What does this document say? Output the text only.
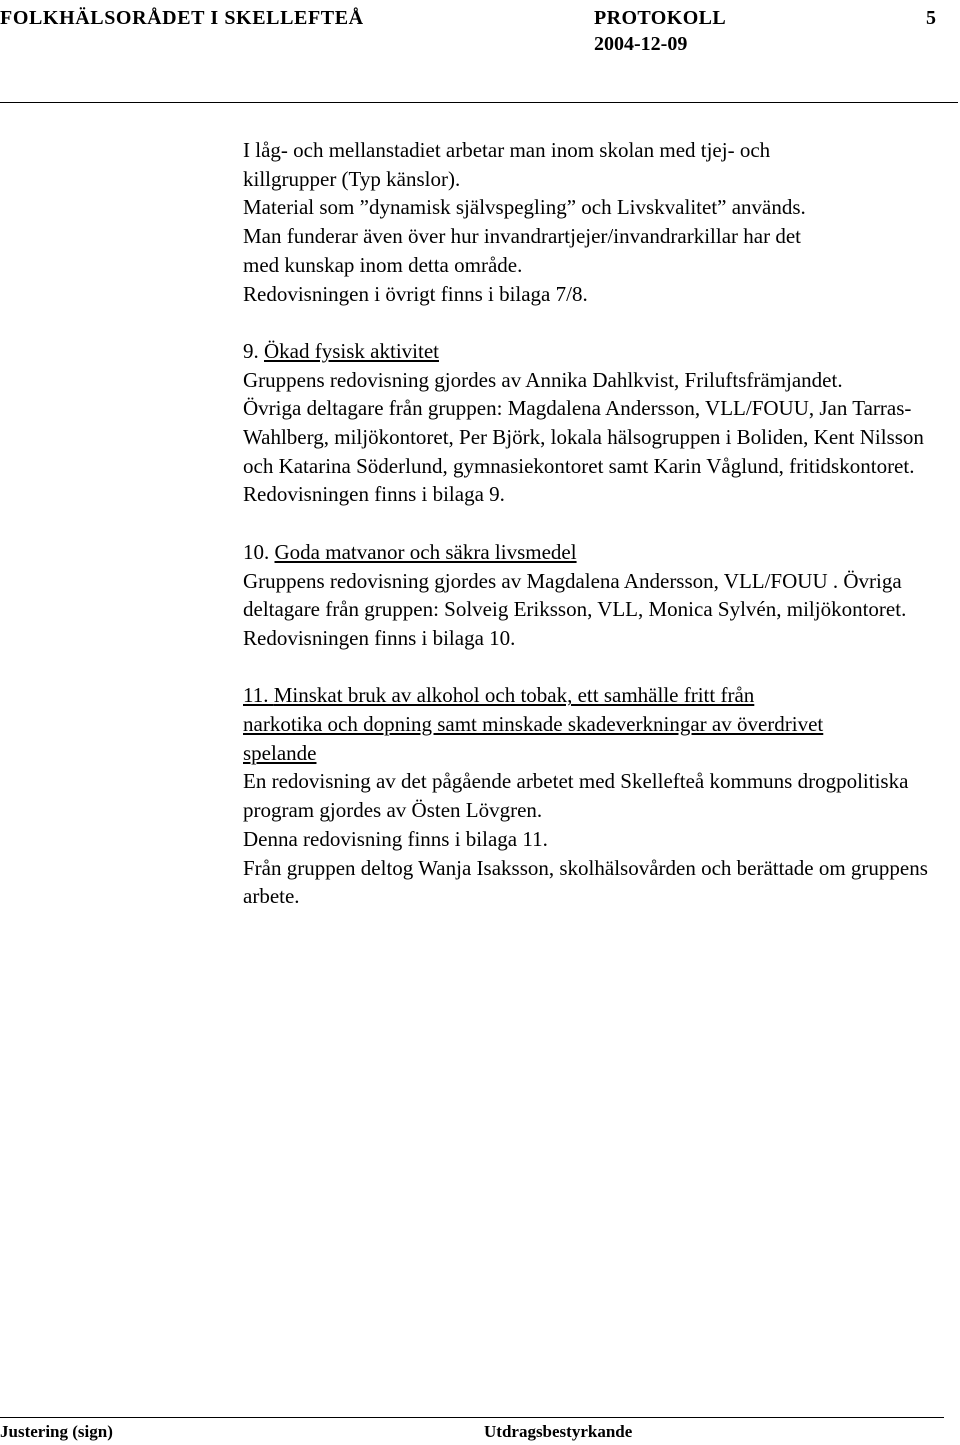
FOLKHÄLSORÅDET I SKELLEFTEÅ	PROTOKOLL	5
2004-12-09

I låg- och mellanstadiet arbetar man inom skolan med tjej- och

killgrupper (Typ känslor).

Material som ”dynamisk självspegling” och Livskvalitet” används.

Man funderar även över hur invandrartjejer/invandrarkillar har det

med kunskap inom detta område.

Redovisningen i övrigt finns i bilaga 7/8.

9. Ökad fysisk aktivitet

Gruppens redovisning gjordes av Annika Dahlkvist, Friluftsfrämjandet.

Övriga deltagare från gruppen: Magdalena Andersson, VLL/FOUU, Jan Tarras-Wahlberg, miljökontoret, Per Björk, lokala hälsogruppen i Boliden, Kent Nilsson och Katarina Söderlund, gymnasiekontoret samt Karin Våglund, fritidskontoret.

Redovisningen finns i bilaga 9.

10. Goda matvanor och säkra livsmedel

Gruppens redovisning gjordes av Magdalena Andersson, VLL/FOUU . Övriga deltagare från gruppen: Solveig Eriksson, VLL, Monica Sylvén, miljökontoret.

Redovisningen finns i bilaga 10.

11. Minskat bruk av alkohol och tobak, ett samhälle fritt från

narkotika och dopning samt minskade skadeverkningar av överdrivet

spelande

En redovisning av det pågående arbetet med Skellefteå kommuns drogpolitiska program gjordes av Östen Lövgren.

Denna redovisning finns i bilaga 11.

Från gruppen deltog Wanja Isaksson, skolhälsovården och berättade om gruppens arbete.

Justering (sign)	Utdragsbestyrkande
